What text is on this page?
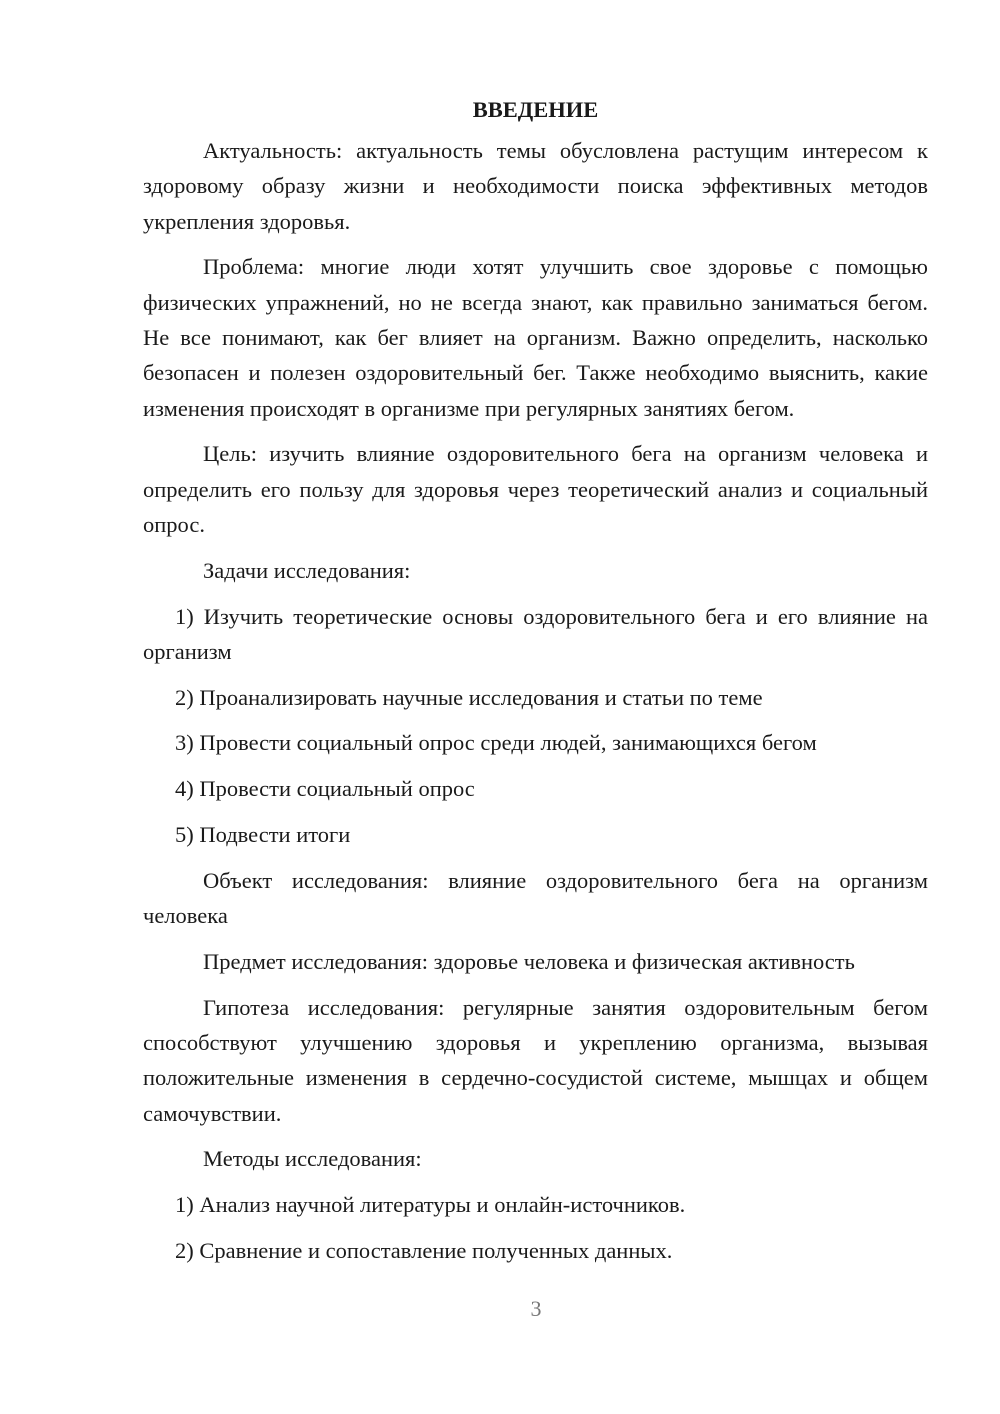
ВВЕДЕНИЕ

Актуальность: актуальность темы обусловлена растущим интересом к здоровому образу жизни и необходимости поиска эффективных методов укрепления здоровья.

Проблема: многие люди хотят улучшить свое здоровье с помощью физических упражнений, но не всегда знают, как правильно заниматься бегом. Не все понимают, как бег влияет на организм. Важно определить, насколько безопасен и полезен оздоровительный бег. Также необходимо выяснить, какие изменения происходят в организме при регулярных занятиях бегом.

Цель: изучить влияние оздоровительного бега на организм человека и определить его пользу для здоровья через теоретический анализ и социальный опрос.

Задачи исследования:

1) Изучить теоретические основы оздоровительного бега и его влияние на организм

2) Проанализировать научные исследования и статьи по теме

3) Провести социальный опрос среди людей, занимающихся бегом

4) Провести социальный опрос

5) Подвести итоги

Объект исследования: влияние оздоровительного бега на организм человека

Предмет исследования: здоровье человека и физическая активность

Гипотеза исследования: регулярные занятия оздоровительным бегом способствуют улучшению здоровья и укреплению организма, вызывая положительные изменения в сердечно-сосудистой системе, мышцах и общем самочувствии.

Методы исследования:

1) Анализ научной литературы и онлайн-источников.

2) Сравнение и сопоставление полученных данных.

3
